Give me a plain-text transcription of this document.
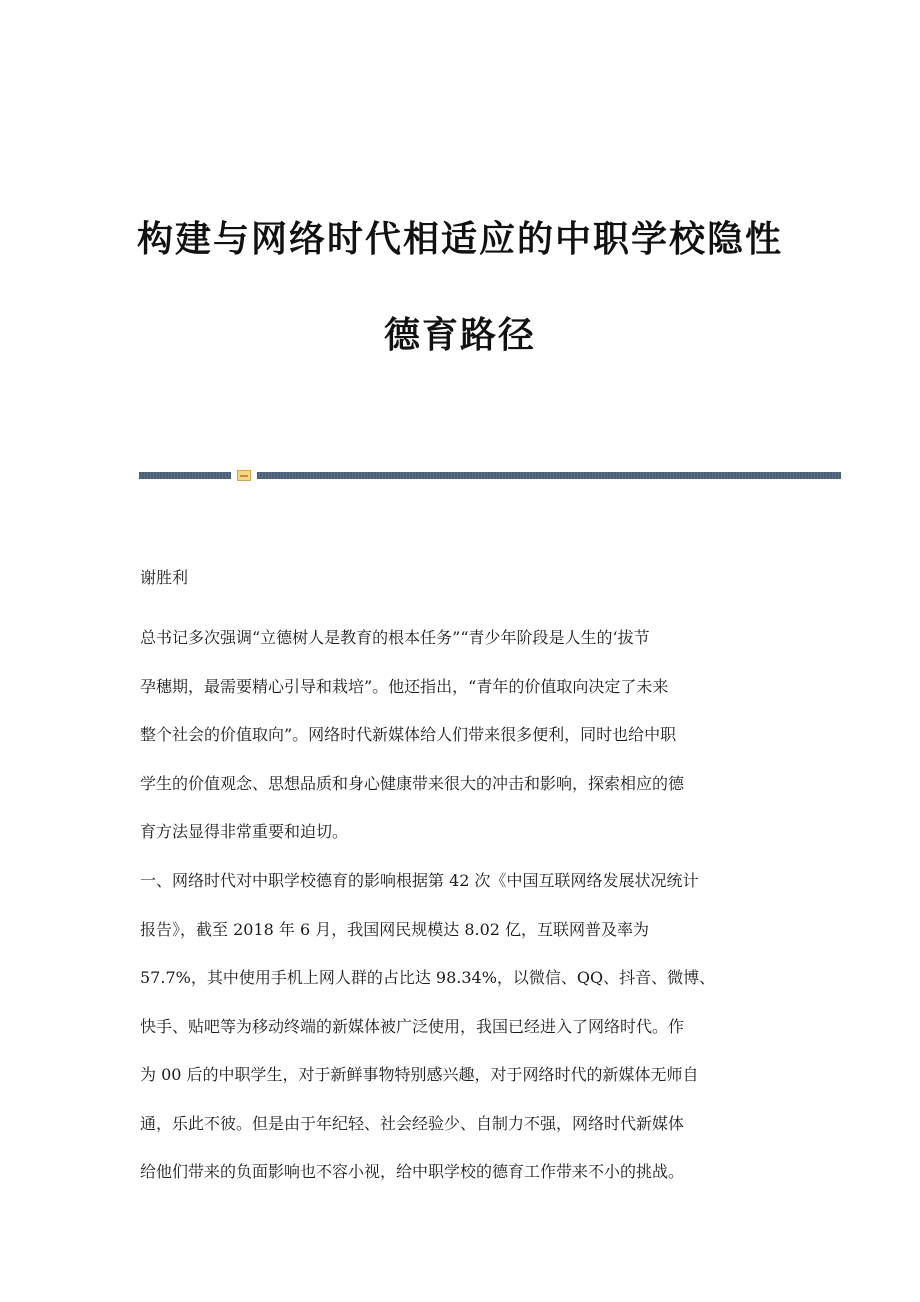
构建与网络时代相适应的中职学校隐性
德育路径

谢胜利

总书记多次强调“立德树人是教育的根本任务”“青少年阶段是人生的‘拔节
孕穗期，最需要精心引导和栽培”。他还指出，“青年的价值取向决定了未来
整个社会的价值取向”。网络时代新媒体给人们带来很多便利，同时也给中职
学生的价值观念、思想品质和身心健康带来很大的冲击和影响，探索相应的德
育方法显得非常重要和迫切。

一、网络时代对中职学校德育的影响根据第 42 次《中国互联网络发展状况统计
报告》，截至 2018 年 6 月，我国网民规模达 8.02 亿，互联网普及率为
57.7%，其中使用手机上网人群的占比达 98.34%，以微信、QQ、抖音、微博、
快手、贴吧等为移动终端的新媒体被广泛使用，我国已经进入了网络时代。作
为 00 后的中职学生，对于新鲜事物特别感兴趣，对于网络时代的新媒体无师自
通，乐此不彼。但是由于年纪轻、社会经验少、自制力不强，网络时代新媒体
给他们带来的负面影响也不容小视，给中职学校的德育工作带来不小的挑战。
